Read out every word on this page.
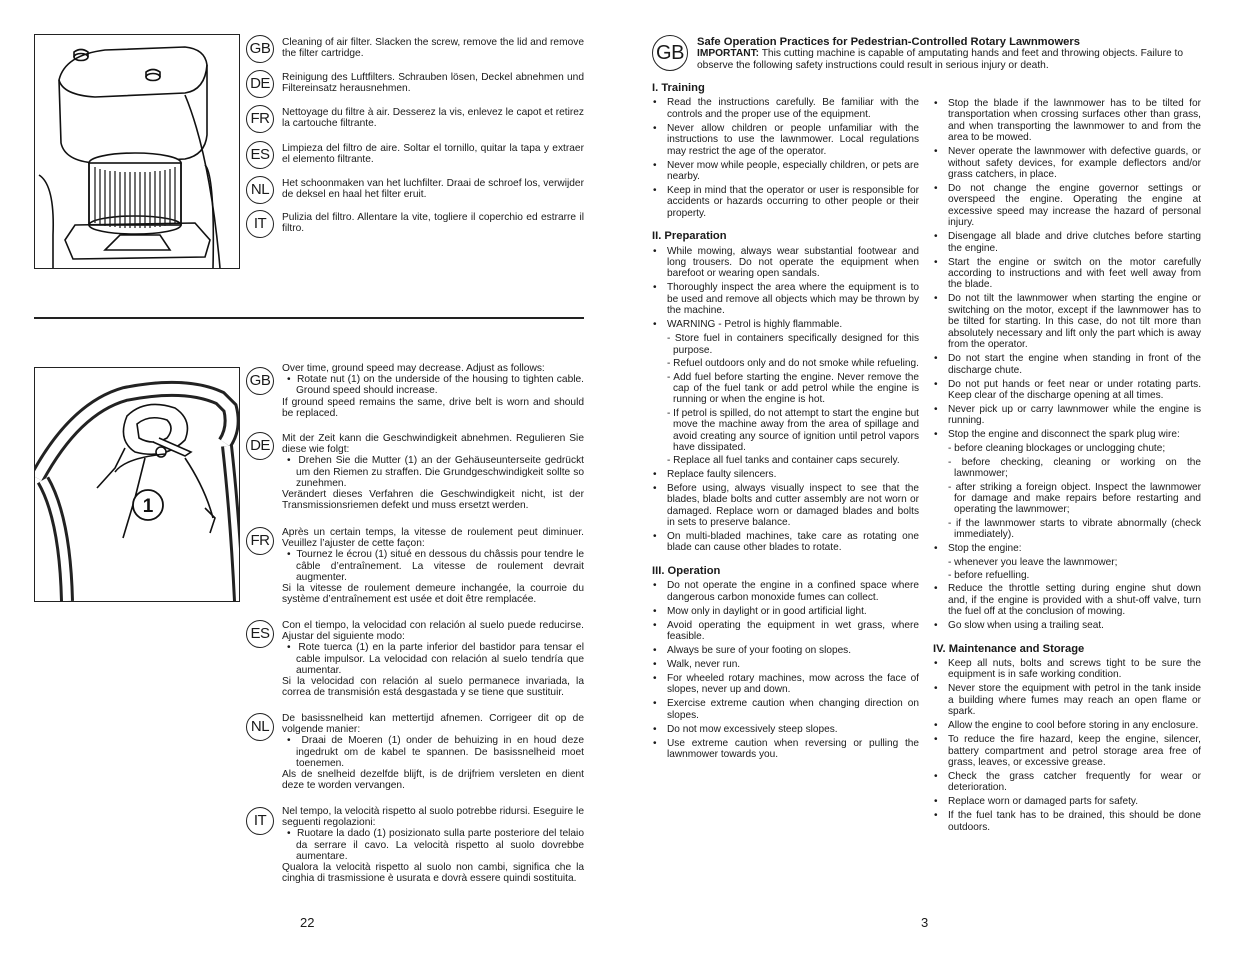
GB	Cleaning of air filter. Slacken the screw, remove the lid and remove the filter cartridge.
DE	Reinigung des Luftfilters. Schrauben lösen, Deckel abnehmen und Filtereinsatz herausnehmen.
FR	Nettoyage du filtre à air. Desserez la vis, enlevez le capot et retirez la cartouche filtrante.
ES	Limpieza del filtro de aire. Soltar el tornillo, quitar la tapa y extraer el elemento filtrante.
NL	Het schoonmaken van het luchfilter. Draai de schroef los, verwijder de deksel en haal het filter eruit.
IT	Pulizia del filtro. Allentare la vite, togliere il coperchio ed estrarre il filtro.
1
GB
Over time, ground speed may decrease. Adjust as follows:
•  Rotate nut (1) on the underside of the housing to tighten cable. Ground speed should increase.
If ground speed remains the same, drive belt is worn and should be replaced.
DE	Mit der Zeit kann die Geschwindigkeit abnehmen. Regulieren Sie diese wie folgt:
•  Drehen Sie die Mutter (1) an der Gehäuseunterseite gedrückt um den Riemen zu straffen. Die Grundgeschwindigkeit sollte so zunehmen.
Verändert dieses Verfahren die Geschwindigkeit nicht, ist der Transmissionsriemen defekt und muss ersetzt werden.
FR	Après un certain temps, la vitesse de roulement peut diminuer. Veuillez l’ajuster de cette façon:
•  Tournez le écrou (1) situé en dessous du châssis pour tendre le câble d’entraînement. La vitesse de roulement devrait augmenter.
Si la vitesse de roulement demeure inchangée, la courroie du système d’entraînement est usée et doit être remplacée.
ES	Con el tiempo, la velocidad con relación al suelo puede reducirse. Ajustar del siguiente modo:
•  Rote tuerca (1) en la parte inferior del bastidor para tensar el cable impulsor. La velocidad con relación al suelo tendría que aumentar.
Si la velocidad con relación al suelo permanece invariada, la correa de transmisión está desgastada y se tiene que sustituir.
NL	De basissnelheid kan mettertijd afnemen. Corrigeer dit op de volgende manier:
•  Draai de Moeren (1) onder de behuizing in en houd deze ingedrukt om de kabel te spannen. De basissnelheid moet toenemen.
Als de snelheid dezelfde blijft, is de drijfriem versleten en dient deze te worden vervangen.
IT
Nel tempo, la velocità rispetto al suolo potrebbe ridursi. Eseguire le seguenti regolazioni:
•  Ruotare la dado (1) posizionato sulla parte posteriore del telaio da serrare il cavo. La velocità rispetto al suolo dovrebbe aumentare.
Qualora la velocità rispetto al suolo non cambi, significa che la cinghia di trasmissione è usurata e dovrà essere quindi sostituita.
22
GB	Safe Operation Practices for Pedestrian-Controlled Rotary Lawnmowers
IMPORTANT: This cutting machine is capable of amputating hands and feet and throwing objects. Failure to observe the following safety instructions could result in serious injury or death.
I. Training
• Read the instructions carefully. Be familiar with the controls and the proper use of the equipment.
• Never allow children or people unfamiliar with the instructions to use the lawnmower. Local regulations may restrict the age of the operator.
• Never mow while people, especially children, or pets are nearby.
• Keep in mind that the operator or user is responsible for accidents or hazards occurring to other people or their property.
II. Preparation
• While mowing, always wear substantial footwear and long trousers. Do not operate the equipment when barefoot or wearing open sandals.
• Thoroughly inspect the area where the equipment is to be used and remove all objects which may be thrown by the machine.
• WARNING - Petrol is highly flammable.
- Store fuel in containers specifically designed for this purpose.
- Refuel outdoors only and do not smoke while refueling.
- Add fuel before starting the engine. Never remove the cap of the fuel tank or add petrol while the engine is running or when the engine is hot.
- If petrol is spilled, do not attempt to start the engine but move the machine away from the area of spillage and avoid creating any source of ignition until petrol vapors have dissipated.
- Replace all fuel tanks and container caps securely.
• Replace faulty silencers.
• Before using, always visually inspect to see that the blades, blade bolts and cutter assembly are not worn or damaged. Replace worn or damaged blades and bolts in sets to preserve balance.
• On multi-bladed machines, take care as rotating one blade can cause other blades to rotate.
III. Operation
• Do not operate the engine in a confined space where dangerous carbon monoxide fumes can collect.
• Mow only in daylight or in good artificial light.
• Avoid operating the equipment in wet grass, where feasible.
• Always be sure of your footing on slopes.
• Walk, never run.
• For wheeled rotary machines, mow across the face of slopes, never up and down.
• Exercise extreme caution when changing direction on slopes.
• Do not mow excessively steep slopes.
• Use extreme caution when reversing or pulling the lawnmower towards you.
• Stop the blade if the lawnmower has to be tilted for transportation when crossing surfaces other than grass, and when transporting the lawnmower to and from the area to be mowed.
• Never operate the lawnmower with defective guards, or without safety devices, for example deflectors and/or grass catchers, in place.
• Do not change the engine governor settings or overspeed the engine. Operating the engine at excessive speed may increase the hazard of personal injury.
• Disengage all blade and drive clutches before starting the engine.
• Start the engine or switch on the motor carefully according to instructions and with feet well away from the blade.
• Do not tilt the lawnmower when starting the engine or switching on the motor, except if the lawnmower has to be tilted for starting. In this case, do not tilt more than absolutely necessary and lift only the part which is away from the operator.
• Do not start the engine when standing in front of the discharge chute.
• Do not put hands or feet near or under rotating parts. Keep clear of the discharge opening at all times.
• Never pick up or carry lawnmower while the engine is running.
• Stop the engine and disconnect the spark plug wire:
- before cleaning blockages or unclogging chute;
- before checking, cleaning or working on the lawnmower;
- after striking a foreign object. Inspect the lawnmower for damage and make repairs before restarting and operating the lawnmower;
- if the lawnmower starts to vibrate abnormally (check immediately).
• Stop the engine:
- whenever you leave the lawnmower;
- before refuelling.
• Reduce the throttle setting during engine shut down and, if the engine is provided with a shut-off valve, turn the fuel off at the conclusion of mowing.
• Go slow when using a trailing seat.
IV. Maintenance and Storage
• Keep all nuts, bolts and screws tight to be sure the equipment is in safe working condition.
• Never store the equipment with petrol in the tank inside a building where fumes may reach an open flame or spark.
• Allow the engine to cool before storing in any enclosure.
• To reduce the fire hazard, keep the engine, silencer, battery compartment and petrol storage area free of grass, leaves, or excessive grease.
• Check the grass catcher frequently for wear or deterioration.
• Replace worn or damaged parts for safety.
• If the fuel tank has to be drained, this should be done outdoors.
3
